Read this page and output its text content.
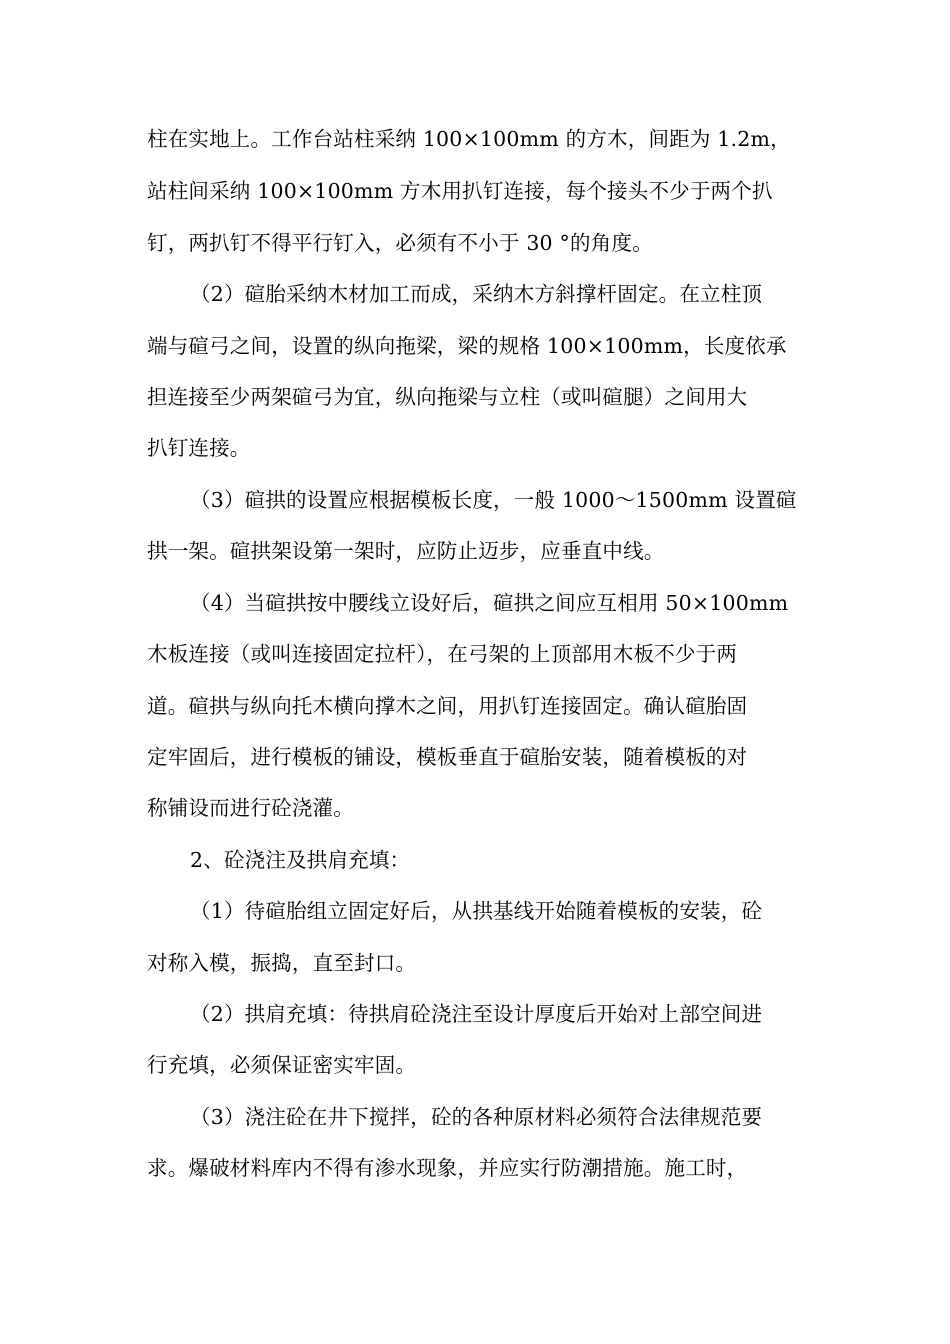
柱在实地上。工作台站柱采纳 100×100mm 的方木，间距为 1.2m，
站柱间采纳 100×100mm 方木用扒钉连接，每个接头不少于两个扒
钉，两扒钉不得平行钉入，必须有不小于 30 °的角度。
（2）碹胎采纳木材加工而成，采纳木方斜撑杆固定。在立柱顶
端与碹弓之间，设置的纵向拖梁，梁的规格 100×100mm，长度依承
担连接至少两架碹弓为宜，纵向拖梁与立柱（或叫碹腿）之间用大
扒钉连接。
（3）碹拱的设置应根据模板长度，一般 1000～1500mm 设置碹
拱一架。碹拱架设第一架时，应防止迈步，应垂直中线。
（4）当碹拱按中腰线立设好后，碹拱之间应互相用 50×100mm
木板连接（或叫连接固定拉杆），在弓架的上顶部用木板不少于两
道。碹拱与纵向托木横向撑木之间，用扒钉连接固定。确认碹胎固
定牢固后，进行模板的铺设，模板垂直于碹胎安装，随着模板的对
称铺设而进行砼浇灌。
2、砼浇注及拱肩充填：
（1）待碹胎组立固定好后，从拱基线开始随着模板的安装，砼
对称入模，振捣，直至封口。
（2）拱肩充填：待拱肩砼浇注至设计厚度后开始对上部空间进
行充填，必须保证密实牢固。
（3）浇注砼在井下搅拌，砼的各种原材料必须符合法律规范要
求。爆破材料库内不得有渗水现象，并应实行防潮措施。施工时，
